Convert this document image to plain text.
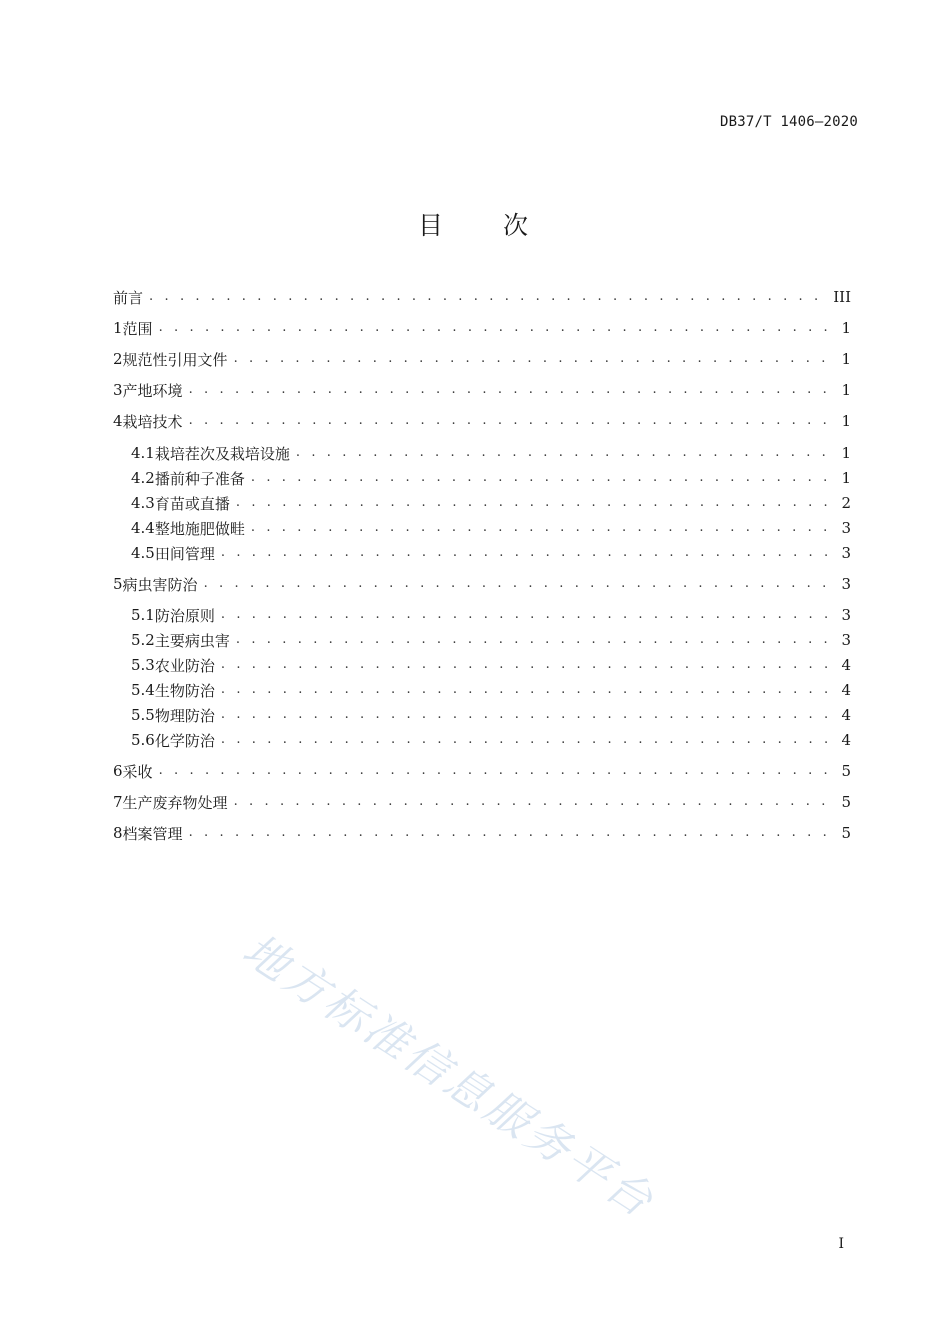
DB37/T 1406—2020
目 次
前言 . . .	III
1 范围 . . .	1
2 规范性引用文件 . . .	1
3 产地环境 . . .	1
4 栽培技术 . . .	1
4.1 栽培茬次及栽培设施 . . .	1
4.2 播前种子准备 . . .	1
4.3 育苗或直播 . . .	2
4.4 整地施肥做畦 . . .	3
4.5 田间管理 . . .	3
5 病虫害防治 . . .	3
5.1 防治原则 . . .	3
5.2 主要病虫害 . . .	3
5.3 农业防治 . . .	4
5.4 生物防治 . . .	4
5.5 物理防治 . . .	4
5.6 化学防治 . . .	4
6 采收 . . .	5
7 生产废弃物处理 . . .	5
8 档案管理 . . .	5
地方标准信息服务平台
I
